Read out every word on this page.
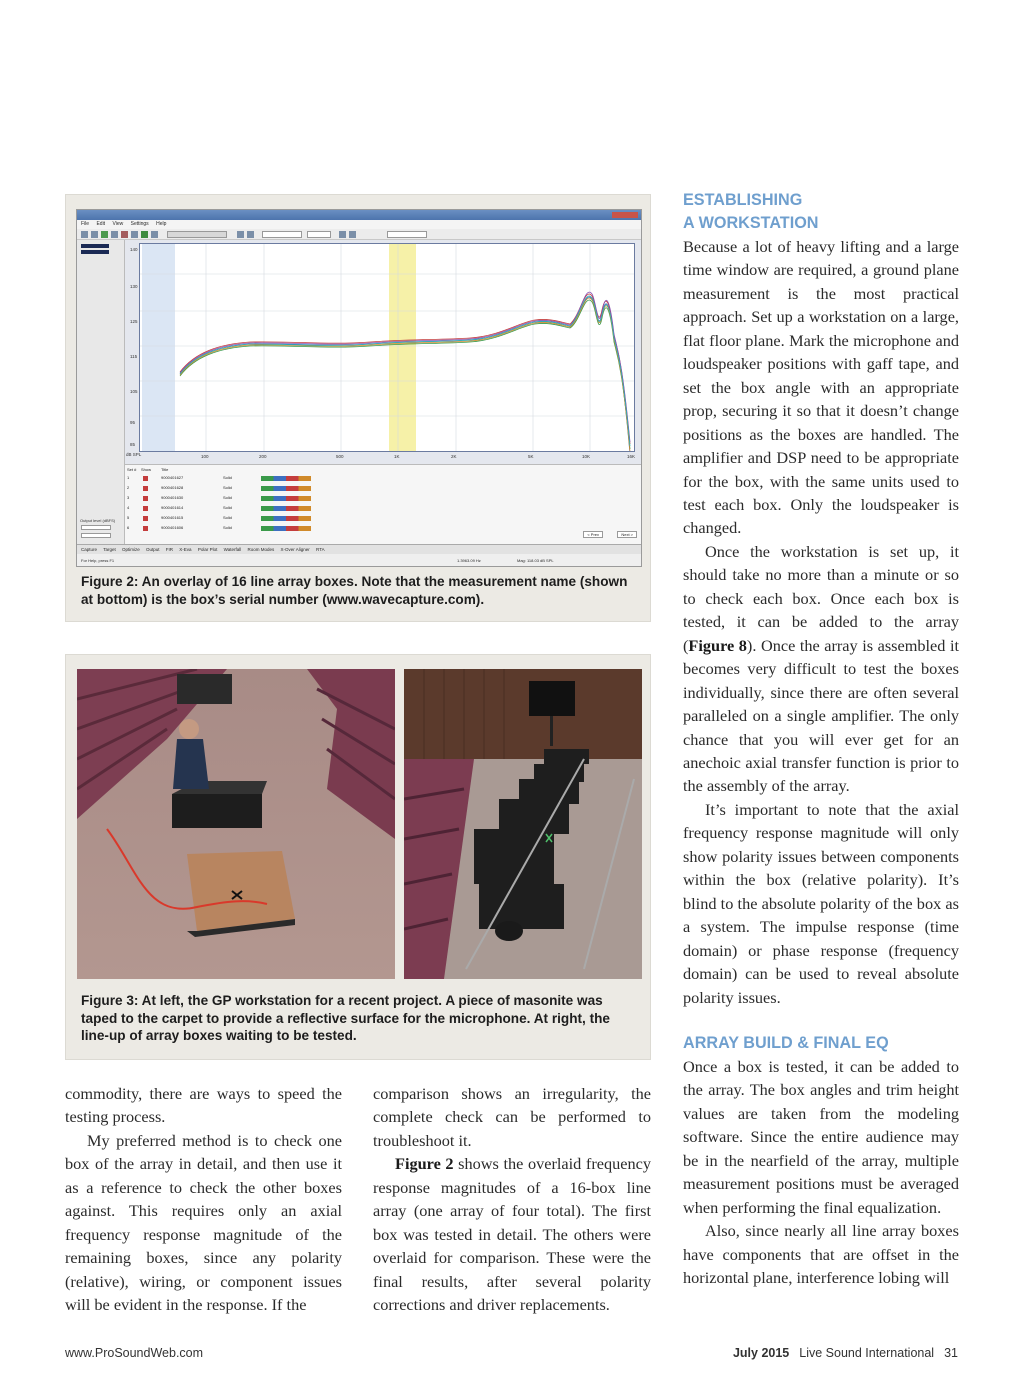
File Edit View Settings Help
Output level (dBFS)
dB SPL
140
130
125
115
105
95
85
100	200	500	1K	2K	5K	10K	16K
Set # Show Title
1	9000401627	Solid
2	9000401628	Solid
3	9000401630	Solid
4	9000401614	Solid
5	9000401615	Solid
6	9000401606	Solid
< Prev	Next >
Capture Target Optimize Output FIR X-Eva Polar Plot Waterfall Room Modes X-Over Aligner RTA
For Help, press F1	1.3963.09 Hz	Mag: 118.03 dB SPL
Figure 2: An overlay of 16 line array boxes. Note that the measurement name (shown at bottom) is the box’s serial number (www.wavecapture.com).
Figure 3: At left, the GP workstation for a recent project. A piece of masonite was taped to the carpet to provide a reflective surface for the microphone. At right, the line-up of array boxes waiting to be tested.

commodity, there are ways to speed the testing process.

My preferred method is to check one box of the array in detail, and then use it as a reference to check the other boxes against. This requires only an axial frequency response magnitude of the remaining boxes, since any polarity (relative), wiring, or component issues will be evident in the response. If the

comparison shows an irregularity, the complete check can be performed to troubleshoot it.

Figure 2 shows the overlaid frequency response magnitudes of a 16-box line array (one array of four total). The first box was tested in detail. The others were overlaid for comparison. These were the final results, after several polarity corrections and driver replacements.

ESTABLISHING
A WORKSTATION

Because a lot of heavy lifting and a large time window are required, a ground plane measurement is the most practical approach. Set up a workstation on a large, flat floor plane. Mark the microphone and loudspeaker positions with gaff tape, and set the box angle with an appropriate prop, securing it so that it doesn’t change positions as the boxes are handled. The amplifier and DSP need to be appropriate for the box, with the same units used to test each box. Only the loudspeaker is changed.

Once the workstation is set up, it should take no more than a minute or so to check each box. Once each box is tested, it can be added to the array (Figure 8). Once the array is assembled it becomes very difficult to test the boxes individually, since there are often several paralleled on a single amplifier. The only chance that you will ever get for an anechoic axial transfer function is prior to the assembly of the array.

It’s important to note that the axial frequency response magnitude will only show polarity issues between components within the box (relative polarity). It’s blind to the absolute polarity of the box as a system. The impulse response (time domain) or phase response (frequency domain) can be used to reveal absolute polarity issues.

ARRAY BUILD & FINAL EQ

Once a box is tested, it can be added to the array. The box angles and trim height values are taken from the modeling software. Since the entire audience may be in the nearfield of the array, multiple measurement positions must be averaged when performing the final equalization.

Also, since nearly all line array boxes have components that are offset in the horizontal plane, interference lobing will

www.ProSoundWeb.com	July 2015 Live Sound International 31
